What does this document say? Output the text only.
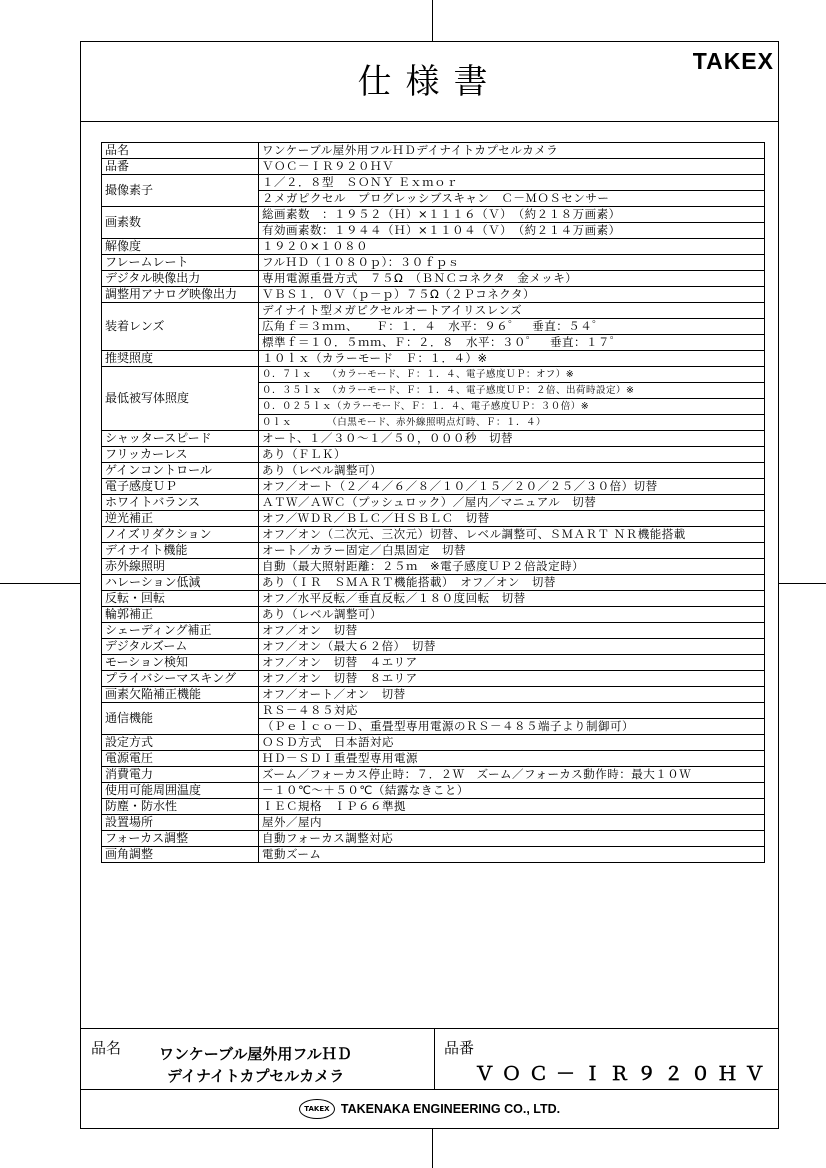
仕様書
TAKEX
品名	ワンケーブル屋外用フルＨＤデイナイトカプセルカメラ
品番	ＶＯＣ－ＩＲ９２０ＨＶ
撮像素子	１／２．８型　ＳＯＮＹ Ｅｘｍｏｒ
	２メガピクセル　プログレッシブスキャン　Ｃ－ＭＯＳセンサー
画素数	総画素数　：１９５２（Ｈ）×１１１６（Ｖ）　（約２１８万画素）
	有効画素数：１９４４（Ｈ）×１１０４（Ｖ）　（約２１４万画素）
解像度	１９２０×１０８０
フレームレート	フルＨＤ（１０８０ｐ）：３０ｆｐｓ
デジタル映像出力	専用電源重畳方式　７５Ω　（ＢＮＣコネクタ　金メッキ）
調整用アナログ映像出力	ＶＢＳ１．０Ｖ（ｐ－ｐ）７５Ω（２Ｐコネクタ）
装着レンズ	デイナイト型メガピクセルオートアイリスレンズ
	広角ｆ＝３ｍｍ、　　Ｆ：１．４　水平：９６゜　垂直：５４゜
	標準ｆ＝１０．５ｍｍ、Ｆ：２．８　水平：３０゜　垂直：１７゜
推奨照度	１０ｌｘ（カラーモード　Ｆ：１．４）※
最低被写体照度	０．７ｌｘ　　（カラーモード、Ｆ：１．４、電子感度ＵＰ：オフ）※
	０．３５ｌｘ　（カラーモード、Ｆ：１．４、電子感度ＵＰ：２倍、出荷時設定）※
	０．０２５ｌｘ（カラーモード、Ｆ：１．４、電子感度ＵＰ：３０倍）※
	０ｌｘ　　　　（白黒モード、赤外線照明点灯時、Ｆ：１．４）
シャッタースピード	オート、１／３０～１／５０，０００秒　切替
フリッカーレス	あり（ＦＬＫ）
ゲインコントロール	あり（レベル調整可）
電子感度ＵＰ	オフ／オート（２／４／６／８／１０／１５／２０／２５／３０倍）切替
ホワイトバランス	ＡＴＷ／ＡＷＣ（プッシュロック）／屋内／マニュアル　切替
逆光補正	オフ／ＷＤＲ／ＢＬＣ／ＨＳＢＬＣ　切替
ノイズリダクション	オフ／オン（二次元、三次元）切替、レベル調整可、ＳＭＡＲＴ ＮＲ機能搭載
デイナイト機能	オート／カラー固定／白黒固定　切替
赤外線照明	自動（最大照射距離：２５ｍ　※電子感度ＵＰ２倍設定時）
ハレーション低減	あり（ＩＲ　ＳＭＡＲＴ機能搭載）　オフ／オン　切替
反転・回転	オフ／水平反転／垂直反転／１８０度回転　切替
輪郭補正	あり（レベル調整可）
シェーディング補正	オフ／オン　切替
デジタルズーム	オフ／オン（最大６２倍）　切替
モーション検知	オフ／オン　切替　４エリア
プライバシーマスキング	オフ／オン　切替　８エリア
画素欠陥補正機能	オフ／オート／オン　切替
通信機能	ＲＳ－４８５対応
	（Ｐｅｌｃｏ－Ｄ、重畳型専用電源のＲＳ－４８５端子より制御可）
設定方式	ＯＳＤ方式　日本語対応
電源電圧	ＨＤ－ＳＤＩ重畳型専用電源
消費電力	ズーム／フォーカス停止時：７．２Ｗ　ズーム／フォーカス動作時：最大１０Ｗ
使用可能周囲温度	－１０℃～＋５０℃（結露なきこと）
防塵・防水性	ＩＥＣ規格　ＩＰ６６準拠
設置場所	屋外／屋内
フォーカス調整	自動フォーカス調整対応
画角調整	電動ズーム
品名	ワンケーブル屋外用フルＨＤ
デイナイトカプセルカメラ
品番
ＶＯＣ－ＩＲ９２０ＨＶ
TAKEX TAKENAKA ENGINEERING CO., LTD.
